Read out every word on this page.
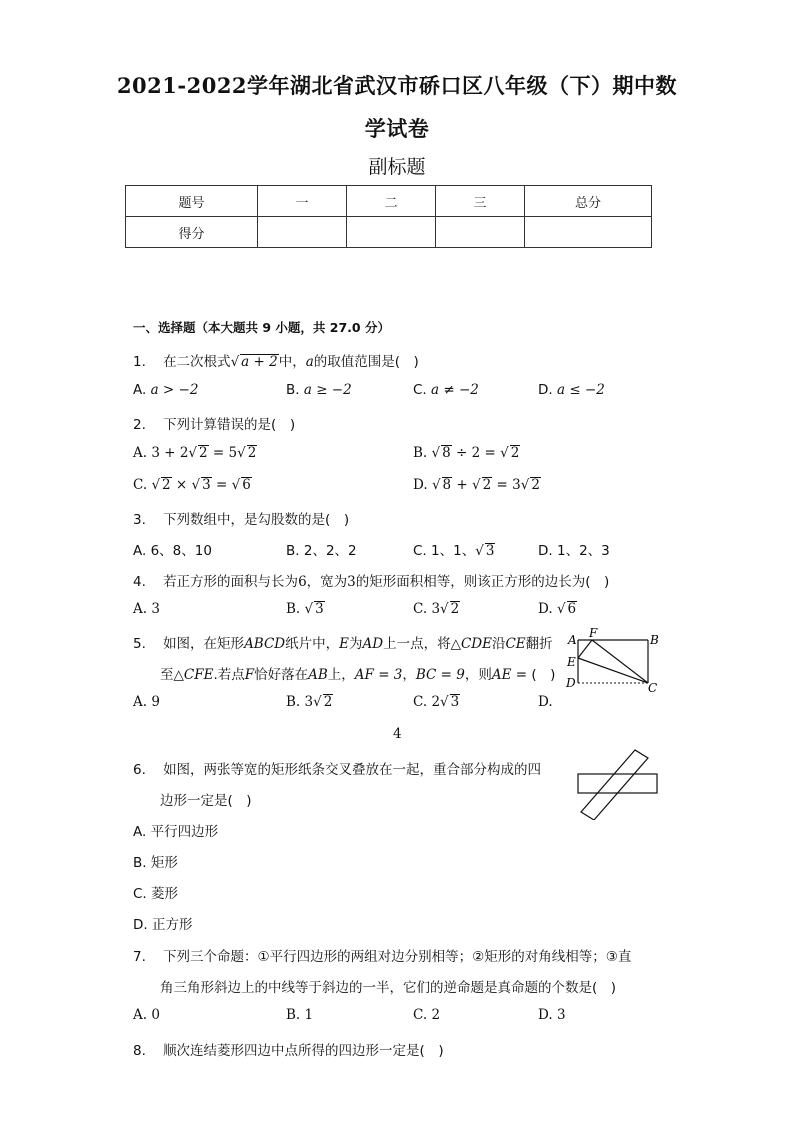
2021-2022学年湖北省武汉市硚口区八年级（下）期中数
学试卷
副标题
题号	一	二	三	总分
得分				
一、选择题（本大题共 9 小题，共 27.0 分）
1. 在二次根式√ a + 2中，a的取值范围是(　)
A. a > −2	B. a ≥ −2	C. a ≠ −2	D. a ≤ −2
2. 下列计算错误的是(　)
A. 3 + 2√ 2 = 5√ 2	B. √ 8 ÷ 2 = √ 2
C. √ 2 × √ 3 = √ 6	D. √ 8 + √ 2 = 3√ 2
3. 下列数组中，是勾股数的是(　)
A. 6、8、10	B. 2、2、2	C. 1、1、√ 3	D. 1、2、3
4. 若正方形的面积与长为6，宽为3的矩形面积相等，则该正方形的边长为(　)
A. 3	B. √ 3	C. 3√ 2	D. √ 6
5. 如图，在矩形ABCD纸片中，E为AD上一点，将△CDE沿CE翻折
至△CFE.若点F恰好落在AB上，AF = 3，BC = 9，则AE = (　)
A. 9	B. 3√ 2	C. 2√ 3	D.
4
A F	B
E
D	C
6. 如图，两张等宽的矩形纸条交叉叠放在一起，重合部分构成的四
边形一定是(　)
A. 平行四边形
B. 矩形
C. 菱形
D. 正方形
7. 下列三个命题：①平行四边形的两组对边分别相等；②矩形的对角线相等；③直
角三角形斜边上的中线等于斜边的一半，它们的逆命题是真命题的个数是(　)
A. 0	B. 1	C. 2	D. 3
8. 顺次连结菱形四边中点所得的四边形一定是(　)
